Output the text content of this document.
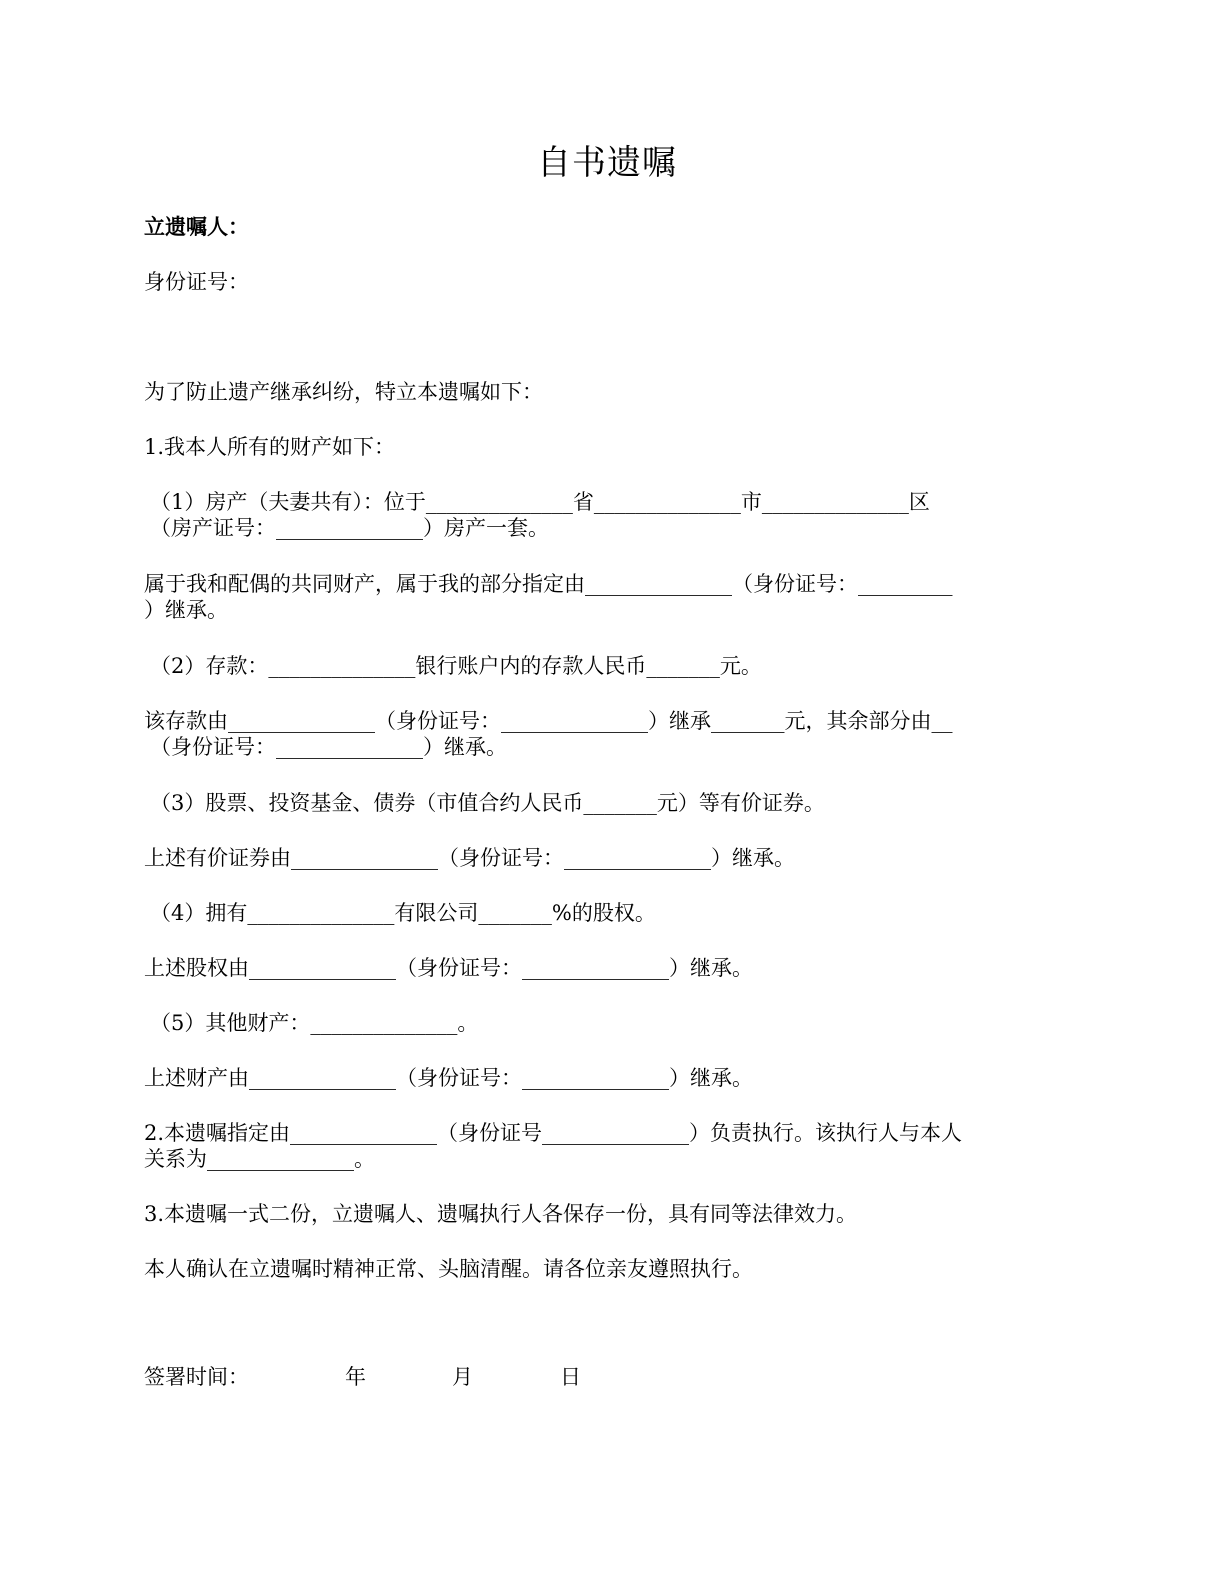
自书遗嘱
立遗嘱人：
身份证号：
为了防止遗产继承纠纷，特立本遗嘱如下：
1.我本人所有的财产如下：
（1）房产（夫妻共有）：位于______________省______________市______________区
（房产证号：______________）房产一套。
属于我和配偶的共同财产，属于我的部分指定由______________（身份证号：_________
）继承。
（2）存款：______________银行账户内的存款人民币_______元。
该存款由______________（身份证号：______________）继承_______元，其余部分由__
（身份证号：______________）继承。
（3）股票、投资基金、债券（市值合约人民币_______元）等有价证券。
上述有价证券由______________（身份证号：______________）继承。
（4）拥有______________有限公司_______%的股权。
上述股权由______________（身份证号：______________）继承。
（5）其他财产：______________。
上述财产由______________（身份证号：______________）继承。
2.本遗嘱指定由______________（身份证号______________）负责执行。该执行人与本人
关系为______________。
3.本遗嘱一式二份，立遗嘱人、遗嘱执行人各保存一份，具有同等法律效力。
本人确认在立遗嘱时精神正常、头脑清醒。请各位亲友遵照执行。
签署时间：	年	月	日
